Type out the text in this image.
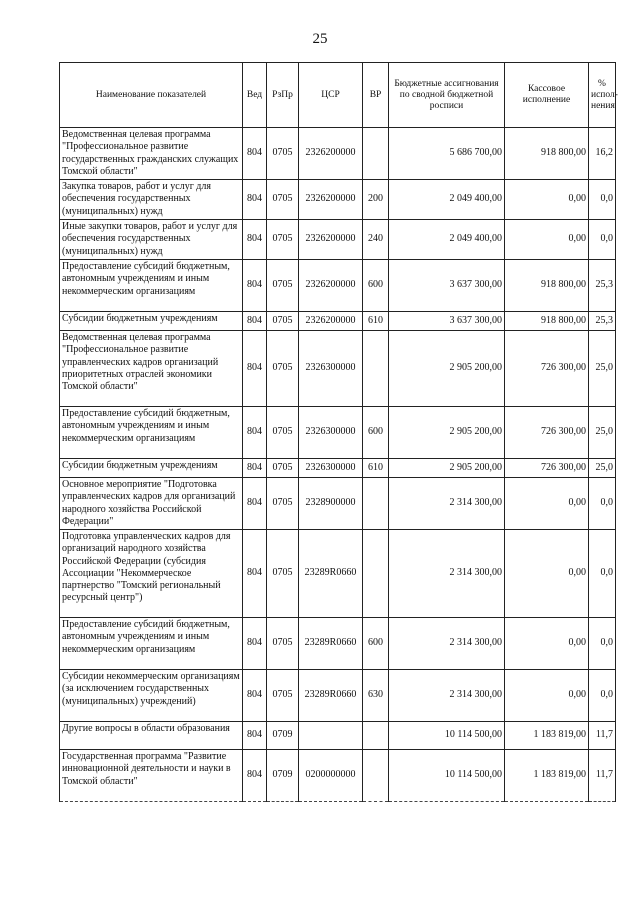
25
Наименование показателей	Вед	РзПр	ЦСР	ВР	Бюджетные ассигнования по сводной бюджетной росписи	Кассовое исполнение	% испол-нения
Ведомственная целевая программа "Профессиональное развитие государственных гражданских служащих Томской области"	804	0705	2326200000		5 686 700,00	918 800,00	16,2
Закупка товаров, работ и услуг для обеспечения государственных (муниципальных) нужд	804	0705	2326200000	200	2 049 400,00	0,00	0,0
Иные закупки товаров, работ и услуг для обеспечения государственных (муниципальных) нужд	804	0705	2326200000	240	2 049 400,00	0,00	0,0
Предоставление субсидий бюджетным, автономным учреждениям и иным некоммерческим организациям	804	0705	2326200000	600	3 637 300,00	918 800,00	25,3
Субсидии бюджетным учреждениям	804	0705	2326200000	610	3 637 300,00	918 800,00	25,3
Ведомственная целевая программа "Профессиональное развитие управленческих кадров организаций приоритетных отраслей экономики Томской области"	804	0705	2326300000		2 905 200,00	726 300,00	25,0
Предоставление субсидий бюджетным, автономным учреждениям и иным некоммерческим организациям	804	0705	2326300000	600	2 905 200,00	726 300,00	25,0
Субсидии бюджетным учреждениям	804	0705	2326300000	610	2 905 200,00	726 300,00	25,0
Основное мероприятие "Подготовка управленческих кадров для организаций народного хозяйства Российской Федерации"	804	0705	2328900000		2 314 300,00	0,00	0,0
Подготовка управленческих кадров для организаций народного хозяйства Российской Федерации (субсидия Ассоциации "Некоммерческое партнерство "Томский региональный ресурсный центр")	804	0705	23289R0660		2 314 300,00	0,00	0,0
Предоставление субсидий бюджетным, автономным учреждениям и иным некоммерческим организациям	804	0705	23289R0660	600	2 314 300,00	0,00	0,0
Субсидии некоммерческим организациям (за исключением государственных (муниципальных) учреждений)	804	0705	23289R0660	630	2 314 300,00	0,00	0,0
Другие вопросы в области образования	804	0709			10 114 500,00	1 183 819,00	11,7
Государственная программа "Развитие инновационной деятельности и науки в Томской области"	804	0709	0200000000		10 114 500,00	1 183 819,00	11,7
